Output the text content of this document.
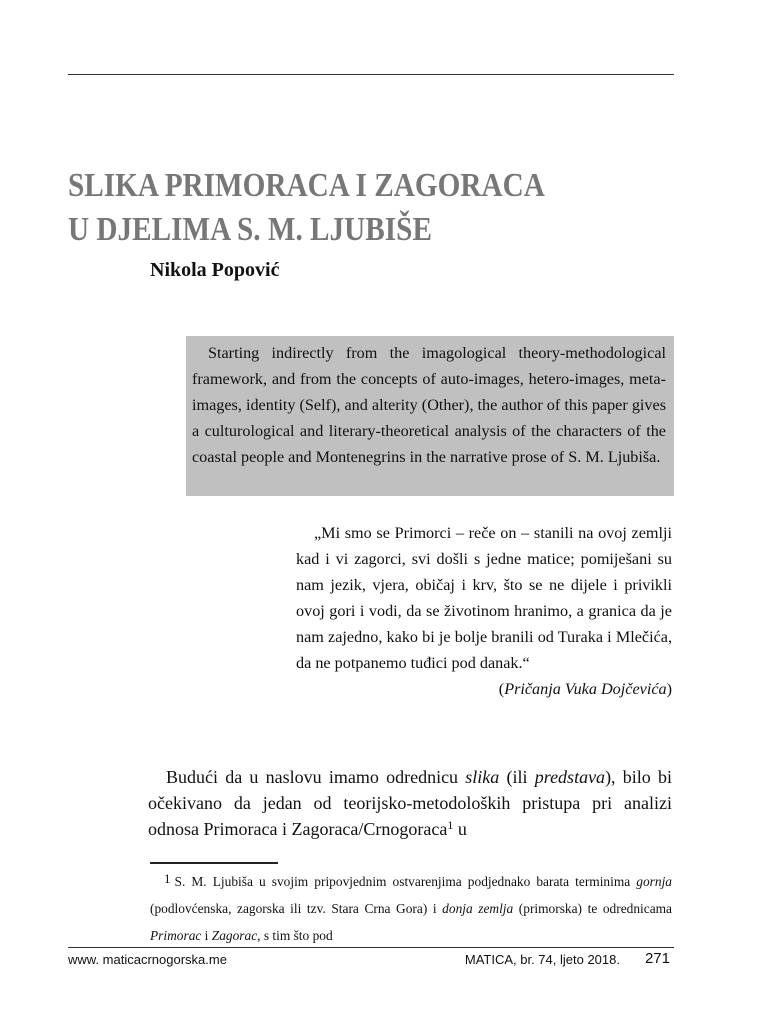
SLIKA PRIMORACA I ZAGORACA
U DJELIMA S. M. LJUBIŠE

Nikola Popović

Starting indirectly from the imagological theory-methodological framework, and from the concepts of auto-images, hetero-images, meta-images, identity (Self), and alterity (Other), the author of this paper gives a culturological and literary-theoretical analysis of the characters of the coastal people and Montenegrins in the narrative prose of S. M. Ljubiša.

„Mi smo se Primorci – reče on – stanili na ovoj zemlji kad i vi zagorci, svi došli s jedne matice; pomiješani su nam jezik, vjera, običaj i krv, što se ne dijele i privikli ovoj gori i vodi, da se životinom hranimo, a granica da je nam zajedno, kako bi je bolje branili od Turaka i Mlečića, da ne potpanemo tuđici pod danak.“

(Pričanja Vuka Dojčevića)

Budući da u naslovu imamo odrednicu slika (ili predstava), bilo bi očekivano da jedan od teorijsko-metodoloških pristupa pri analizi odnosa Primoraca i Zagoraca/Crnogoraca$^1$ u

$^1$ S. M. Ljubiša u svojim pripovjednim ostvarenjima podjednako barata terminima gornja (podlovćenska, zagorska ili tzv. Stara Crna Gora) i donja zemlja (primorska) te odrednicama Primorac i Zagorac, s tim što pod

www. maticacrnogorska.me	MATICA, br. 74, ljeto 2018. 271
